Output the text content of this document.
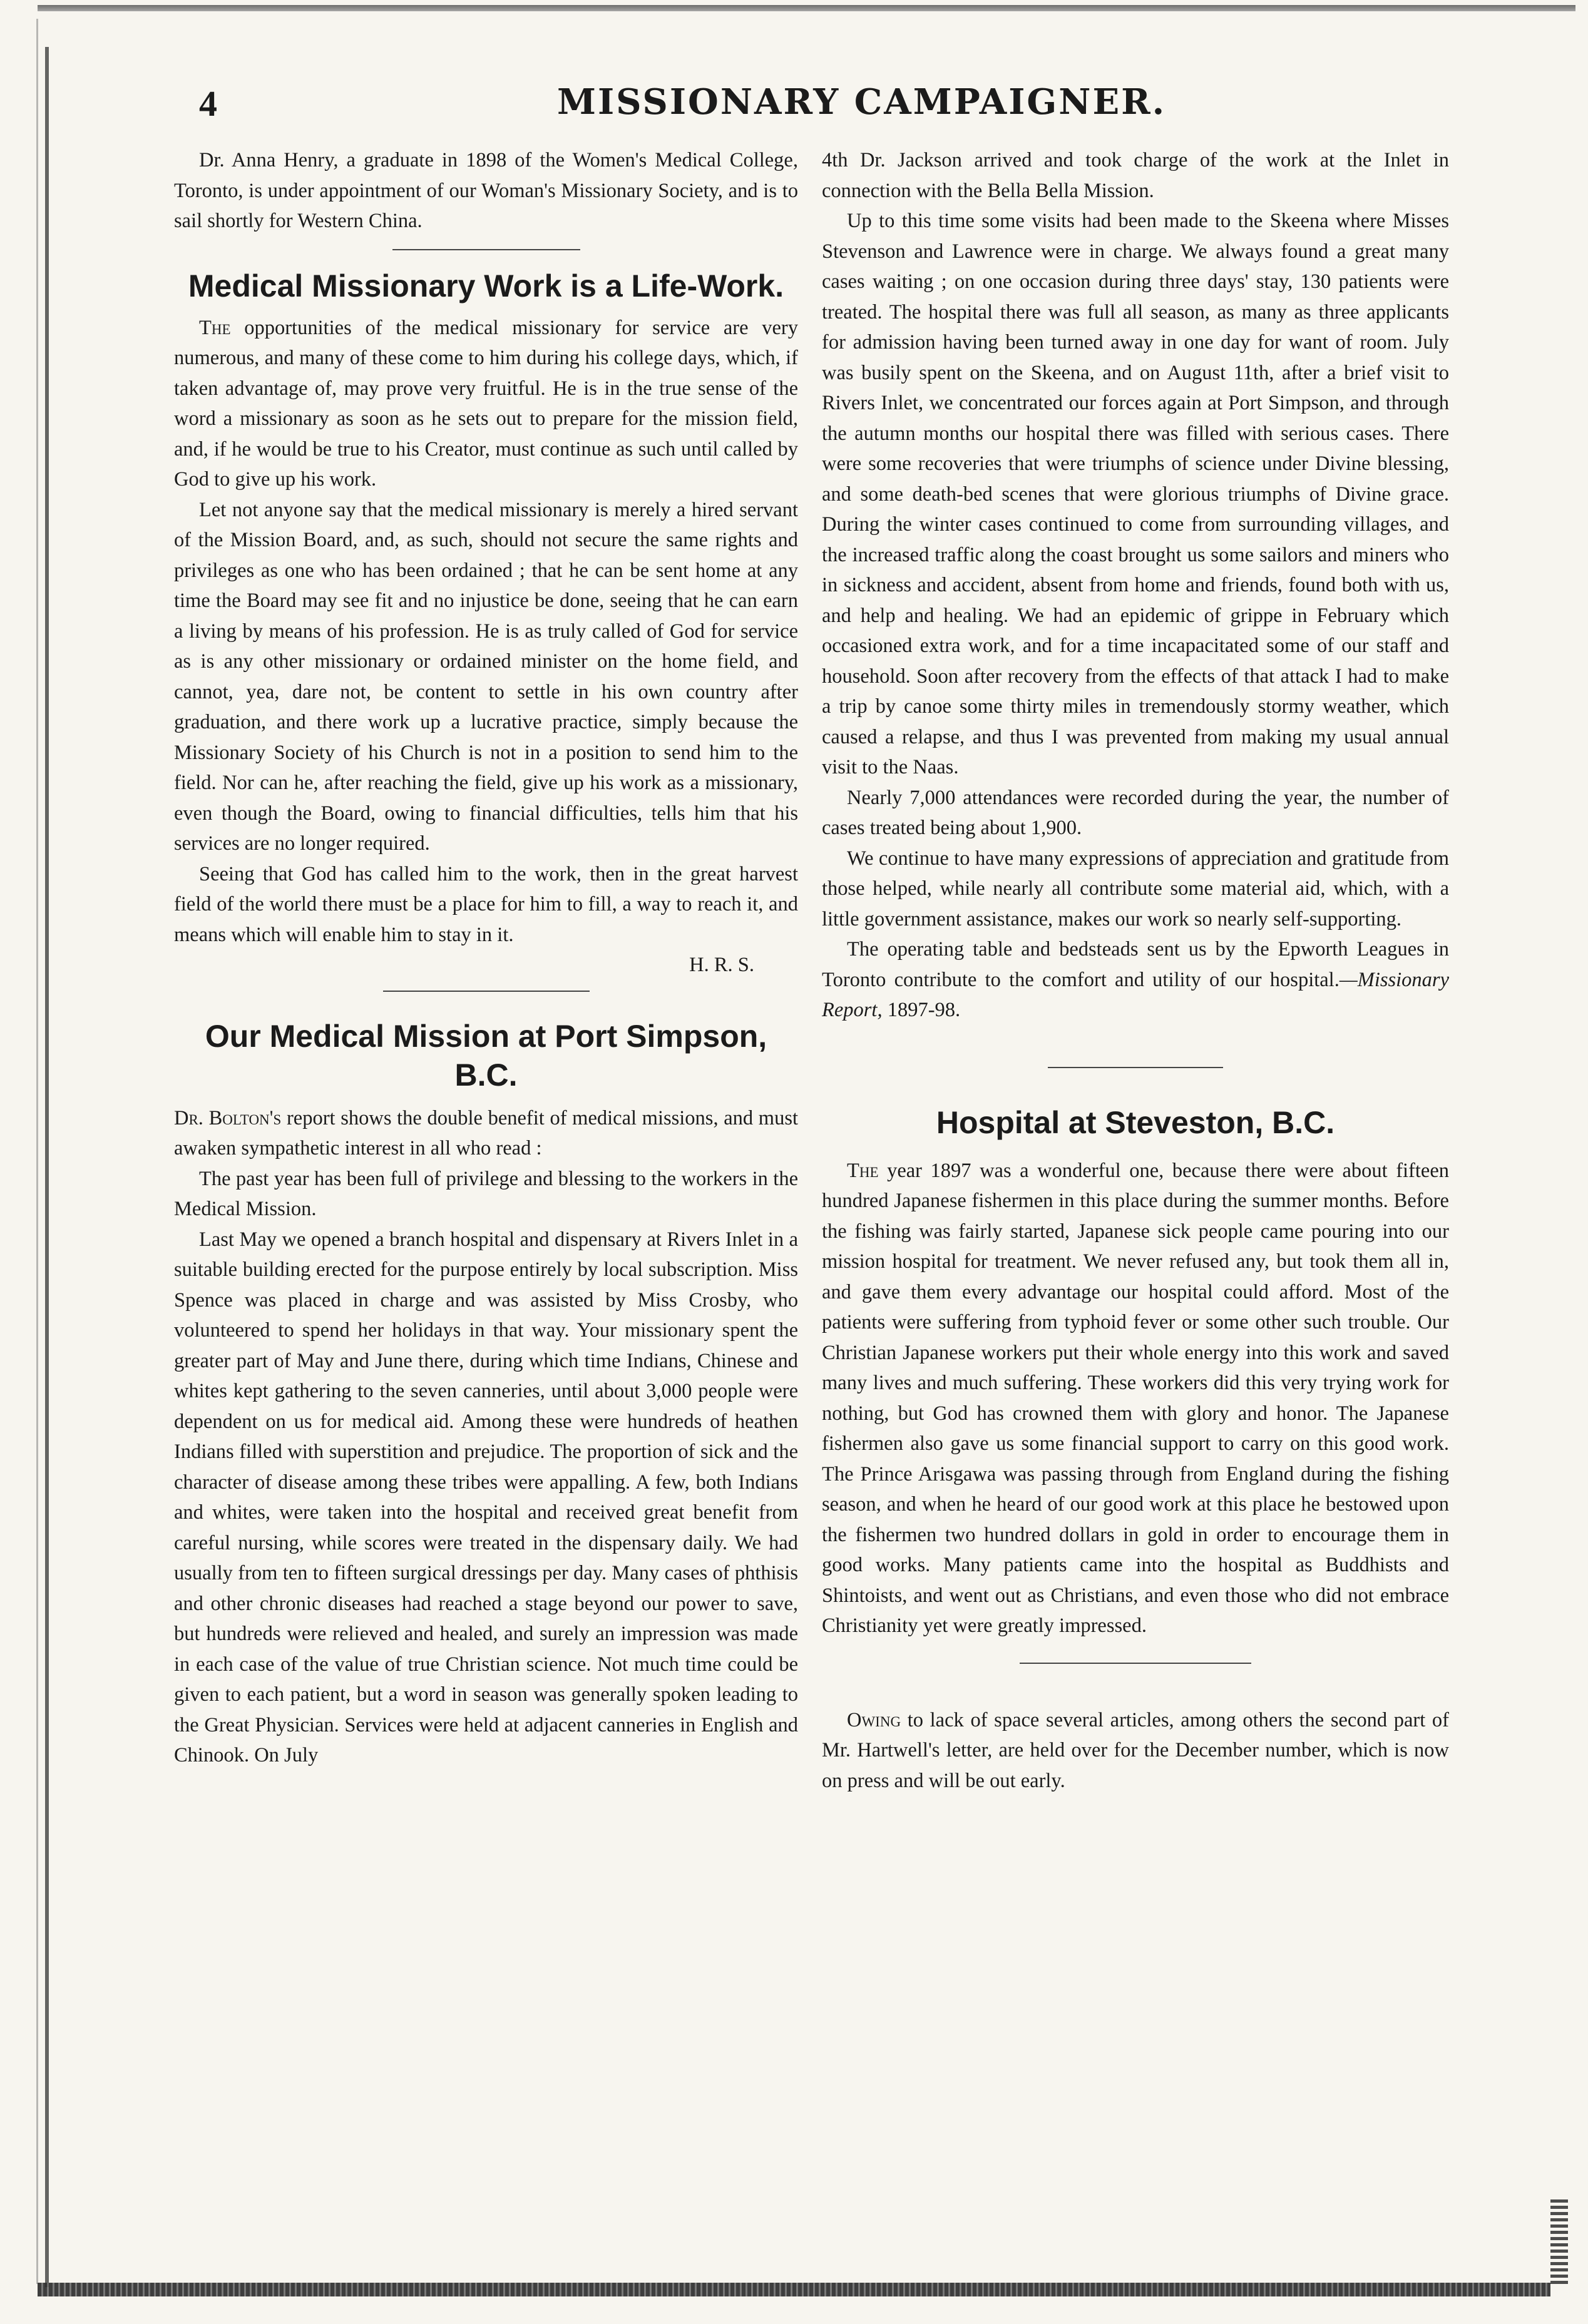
4	MISSIONARY CAMPAIGNER.

Dr. Anna Henry, a graduate in 1898 of the Women's Medical College, Toronto, is under appointment of our Woman's Missionary Society, and is to sail shortly for Western China.

Medical Missionary Work is a Life-Work.

The opportunities of the medical missionary for service are very numerous, and many of these come to him during his college days, which, if taken advantage of, may prove very fruitful. He is in the true sense of the word a missionary as soon as he sets out to prepare for the mission field, and, if he would be true to his Creator, must continue as such until called by God to give up his work.

Let not anyone say that the medical missionary is merely a hired servant of the Mission Board, and, as such, should not secure the same rights and privileges as one who has been ordained ; that he can be sent home at any time the Board may see fit and no injustice be done, seeing that he can earn a living by means of his profession. He is as truly called of God for service as is any other missionary or ordained minister on the home field, and cannot, yea, dare not, be content to settle in his own country after graduation, and there work up a lucrative practice, simply because the Missionary Society of his Church is not in a position to send him to the field. Nor can he, after reaching the field, give up his work as a missionary, even though the Board, owing to financial difficulties, tells him that his services are no longer required.

Seeing that God has called him to the work, then in the great harvest field of the world there must be a place for him to fill, a way to reach it, and means which will enable him to stay in it.

H. R. S.
Our Medical Mission at Port Simpson, B.C.

Dr. Bolton's report shows the double benefit of medical missions, and must awaken sympathetic interest in all who read :

The past year has been full of privilege and blessing to the workers in the Medical Mission.

Last May we opened a branch hospital and dispensary at Rivers Inlet in a suitable building erected for the purpose entirely by local subscription. Miss Spence was placed in charge and was assisted by Miss Crosby, who volunteered to spend her holidays in that way. Your missionary spent the greater part of May and June there, during which time Indians, Chinese and whites kept gathering to the seven canneries, until about 3,000 people were dependent on us for medical aid. Among these were hundreds of heathen Indians filled with superstition and prejudice. The proportion of sick and the character of disease among these tribes were appalling. A few, both Indians and whites, were taken into the hospital and received great benefit from careful nursing, while scores were treated in the dispensary daily. We had usually from ten to fifteen surgical dressings per day. Many cases of phthisis and other chronic diseases had reached a stage beyond our power to save, but hundreds were relieved and healed, and surely an impression was made in each case of the value of true Christian science. Not much time could be given to each patient, but a word in season was generally spoken leading to the Great Physician. Services were held at adjacent canneries in English and Chinook. On July

4th Dr. Jackson arrived and took charge of the work at the Inlet in connection with the Bella Bella Mission.

Up to this time some visits had been made to the Skeena where Misses Stevenson and Lawrence were in charge. We always found a great many cases waiting ; on one occasion during three days' stay, 130 patients were treated. The hospital there was full all season, as many as three applicants for admission having been turned away in one day for want of room. July was busily spent on the Skeena, and on August 11th, after a brief visit to Rivers Inlet, we concentrated our forces again at Port Simpson, and through the autumn months our hospital there was filled with serious cases. There were some recoveries that were triumphs of science under Divine blessing, and some death-bed scenes that were glorious triumphs of Divine grace. During the winter cases continued to come from surrounding villages, and the increased traffic along the coast brought us some sailors and miners who in sickness and accident, absent from home and friends, found both with us, and help and healing. We had an epidemic of grippe in February which occasioned extra work, and for a time incapacitated some of our staff and household. Soon after recovery from the effects of that attack I had to make a trip by canoe some thirty miles in tremendously stormy weather, which caused a relapse, and thus I was prevented from making my usual annual visit to the Naas.

Nearly 7,000 attendances were recorded during the year, the number of cases treated being about 1,900.

We continue to have many expressions of appreciation and gratitude from those helped, while nearly all contribute some material aid, which, with a little government assistance, makes our work so nearly self-supporting.

The operating table and bedsteads sent us by the Epworth Leagues in Toronto contribute to the comfort and utility of our hospital.—Missionary Report, 1897-98.

Hospital at Steveston, B.C.

The year 1897 was a wonderful one, because there were about fifteen hundred Japanese fishermen in this place during the summer months. Before the fishing was fairly started, Japanese sick people came pouring into our mission hospital for treatment. We never refused any, but took them all in, and gave them every advantage our hospital could afford. Most of the patients were suffering from typhoid fever or some other such trouble. Our Christian Japanese workers put their whole energy into this work and saved many lives and much suffering. These workers did this very trying work for nothing, but God has crowned them with glory and honor. The Japanese fishermen also gave us some financial support to carry on this good work. The Prince Arisgawa was passing through from England during the fishing season, and when he heard of our good work at this place he bestowed upon the fishermen two hundred dollars in gold in order to encourage them in good works. Many patients came into the hospital as Buddhists and Shintoists, and went out as Christians, and even those who did not embrace Christianity yet were greatly impressed.

Owing to lack of space several articles, among others the second part of Mr. Hartwell's letter, are held over for the December number, which is now on press and will be out early.
